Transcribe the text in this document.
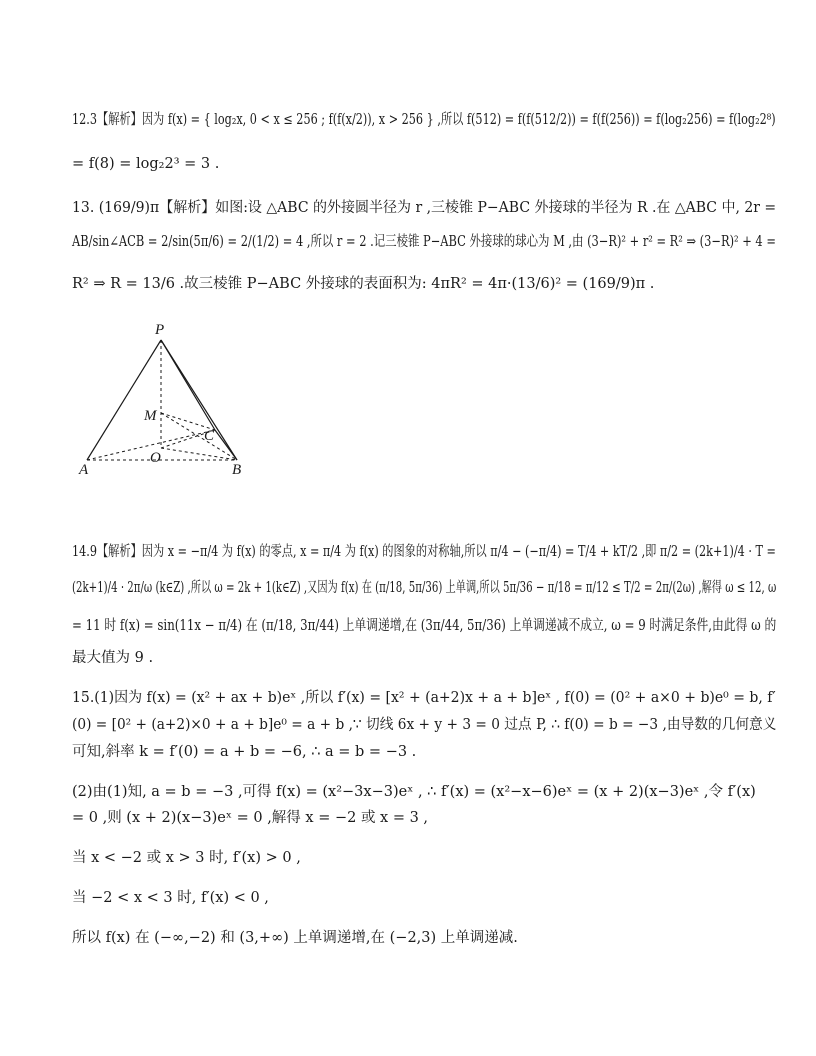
12.3【解析】因为 f(x) = { log₂x, 0 < x ≤ 256 ; f(f(x/2)), x > 256 } ,所以 f(512) = f(f(512/2)) = f(f(256)) = f(log₂256) = f(log₂2⁸)
= f(8) = log₂2³ = 3 .
13. (169/9)π【解析】如图:设 △ABC 的外接圆半径为 r ,三棱锥 P−ABC 外接球的半径为 R .在 △ABC 中, 2r =
AB/sin∠ACB = 2/sin(5π/6) = 2/(1/2) = 4 ,所以 r = 2 .记三棱锥 P−ABC 外接球的球心为 M ,由 (3−R)² + r² = R² ⇒ (3−R)² + 4 =
R² ⇒ R = 13/6 .故三棱锥 P−ABC 外接球的表面积为: 4πR² = 4π·(13/6)² = (169/9)π .
P
M
C
O
A	B
14.9【解析】因为 x = −π/4 为 f(x) 的零点, x = π/4 为 f(x) 的图象的对称轴,所以 π/4 − (−π/4) = T/4 + kT/2 ,即 π/2 = (2k+1)/4 · T =
(2k+1)/4 · 2π/ω (k∈Z) ,所以 ω = 2k + 1(k∈Z) ,又因为 f(x) 在 (π/18, 5π/36) 上单调,所以 5π/36 − π/18 = π/12 ≤ T/2 = 2π/(2ω) ,解得 ω ≤ 12, ω
= 11 时 f(x) = sin(11x − π/4) 在 (π/18, 3π/44) 上单调递增,在 (3π/44, 5π/36) 上单调递减不成立, ω = 9 时满足条件,由此得 ω 的
最大值为 9 .
15.(1)因为 f(x) = (x² + ax + b)eˣ ,所以 f′(x) = [x² + (a+2)x + a + b]eˣ , f(0) = (0² + a×0 + b)e⁰ = b, f′
(0) = [0² + (a+2)×0 + a + b]e⁰ = a + b ,∵ 切线 6x + y + 3 = 0 过点 P, ∴ f(0) = b = −3 ,由导数的几何意义
可知,斜率 k = f′(0) = a + b = −6, ∴ a = b = −3 .
(2)由(1)知, a = b = −3 ,可得 f(x) = (x²−3x−3)eˣ , ∴ f′(x) = (x²−x−6)eˣ = (x + 2)(x−3)eˣ ,令 f′(x)
= 0 ,则 (x + 2)(x−3)eˣ = 0 ,解得 x = −2 或 x = 3 ,
当 x < −2 或 x > 3 时, f′(x) > 0 ,
当 −2 < x < 3 时, f′(x) < 0 ,
所以 f(x) 在 (−∞,−2) 和 (3,+∞) 上单调递增,在 (−2,3) 上单调递减.
